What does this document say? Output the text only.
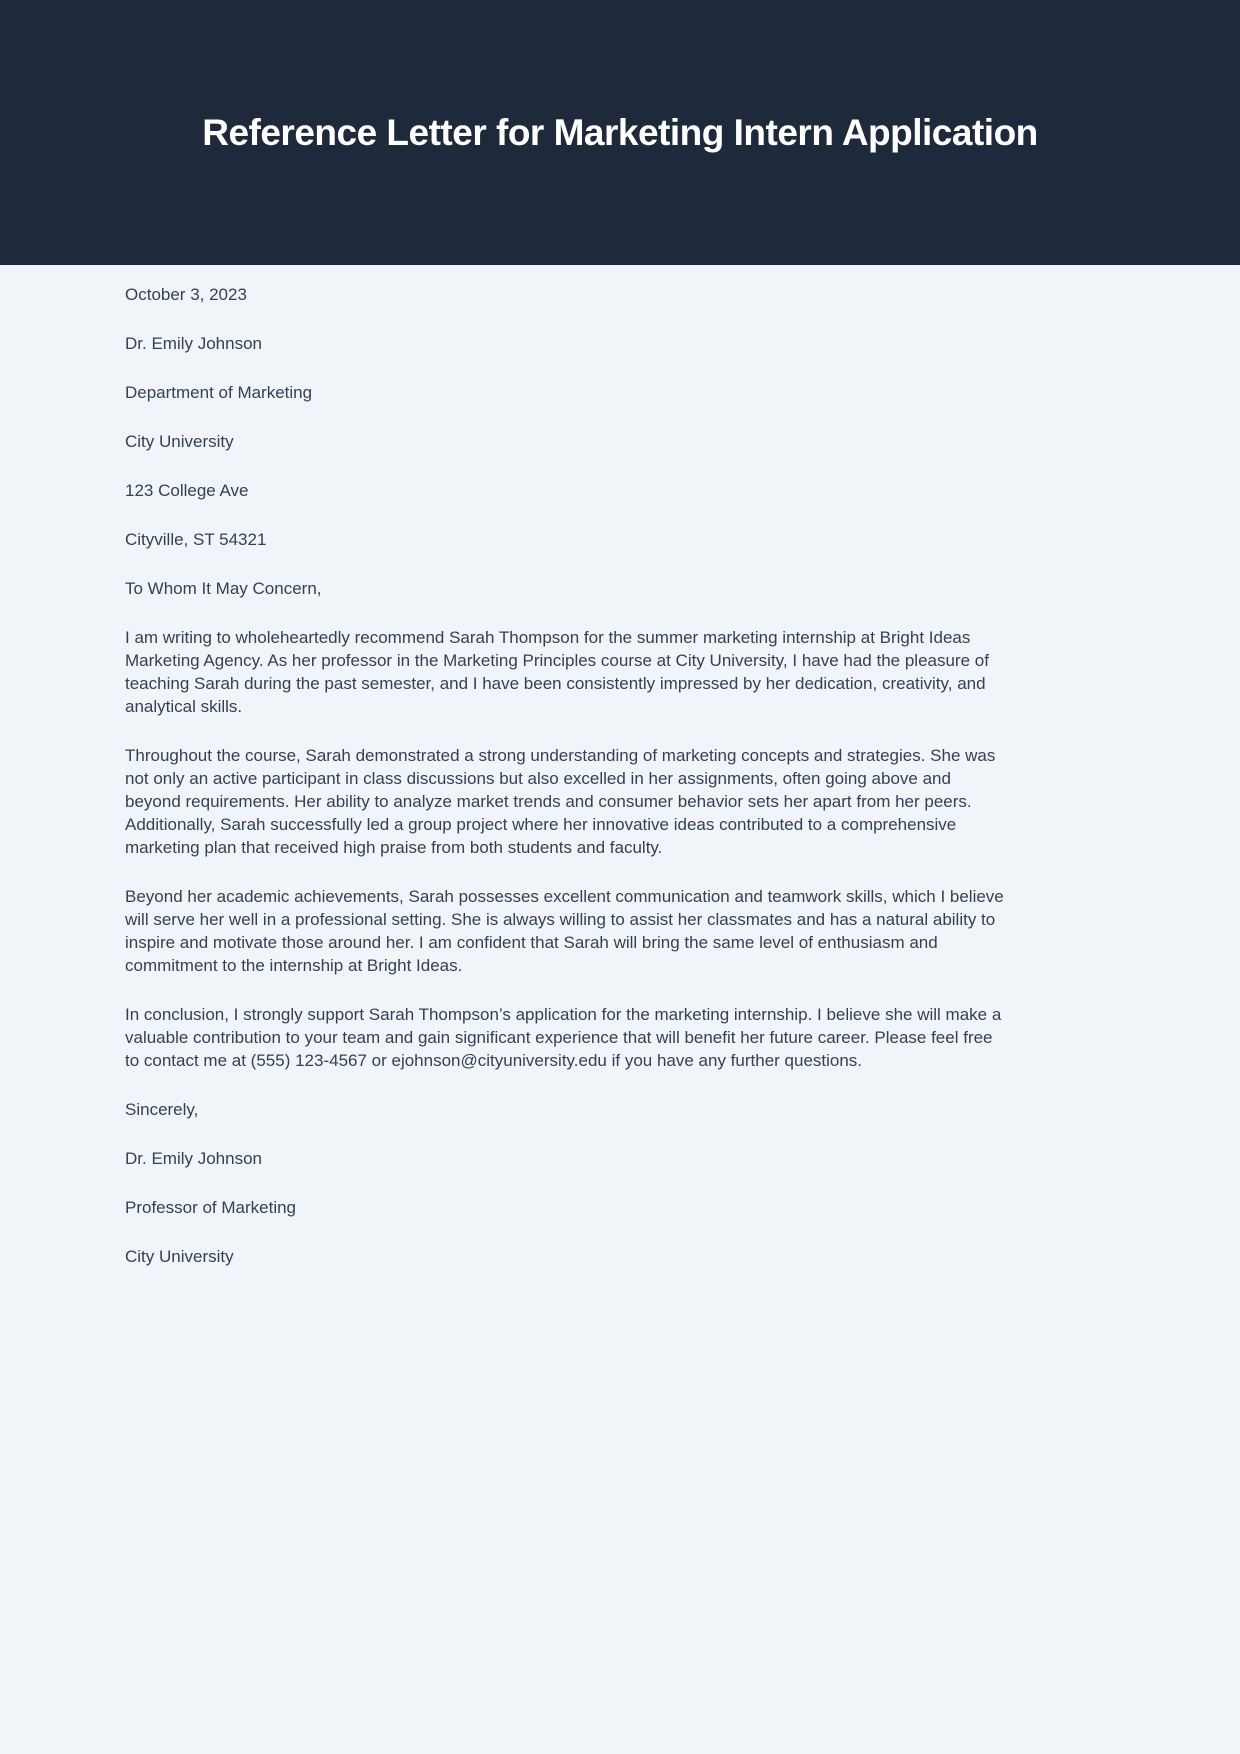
Reference Letter for Marketing Intern Application

October 3, 2023

Dr. Emily Johnson

Department of Marketing

City University

123 College Ave

Cityville, ST 54321

To Whom It May Concern,

I am writing to wholeheartedly recommend Sarah Thompson for the summer marketing internship at Bright Ideas Marketing Agency. As her professor in the Marketing Principles course at City University, I have had the pleasure of teaching Sarah during the past semester, and I have been consistently impressed by her dedication, creativity, and analytical skills.

Throughout the course, Sarah demonstrated a strong understanding of marketing concepts and strategies. She was not only an active participant in class discussions but also excelled in her assignments, often going above and beyond requirements. Her ability to analyze market trends and consumer behavior sets her apart from her peers. Additionally, Sarah successfully led a group project where her innovative ideas contributed to a comprehensive marketing plan that received high praise from both students and faculty.

Beyond her academic achievements, Sarah possesses excellent communication and teamwork skills, which I believe will serve her well in a professional setting. She is always willing to assist her classmates and has a natural ability to inspire and motivate those around her. I am confident that Sarah will bring the same level of enthusiasm and commitment to the internship at Bright Ideas.

In conclusion, I strongly support Sarah Thompson’s application for the marketing internship. I believe she will make a valuable contribution to your team and gain significant experience that will benefit her future career. Please feel free to contact me at (555) 123-4567 or ejohnson@cityuniversity.edu if you have any further questions.

Sincerely,

Dr. Emily Johnson

Professor of Marketing

City University
